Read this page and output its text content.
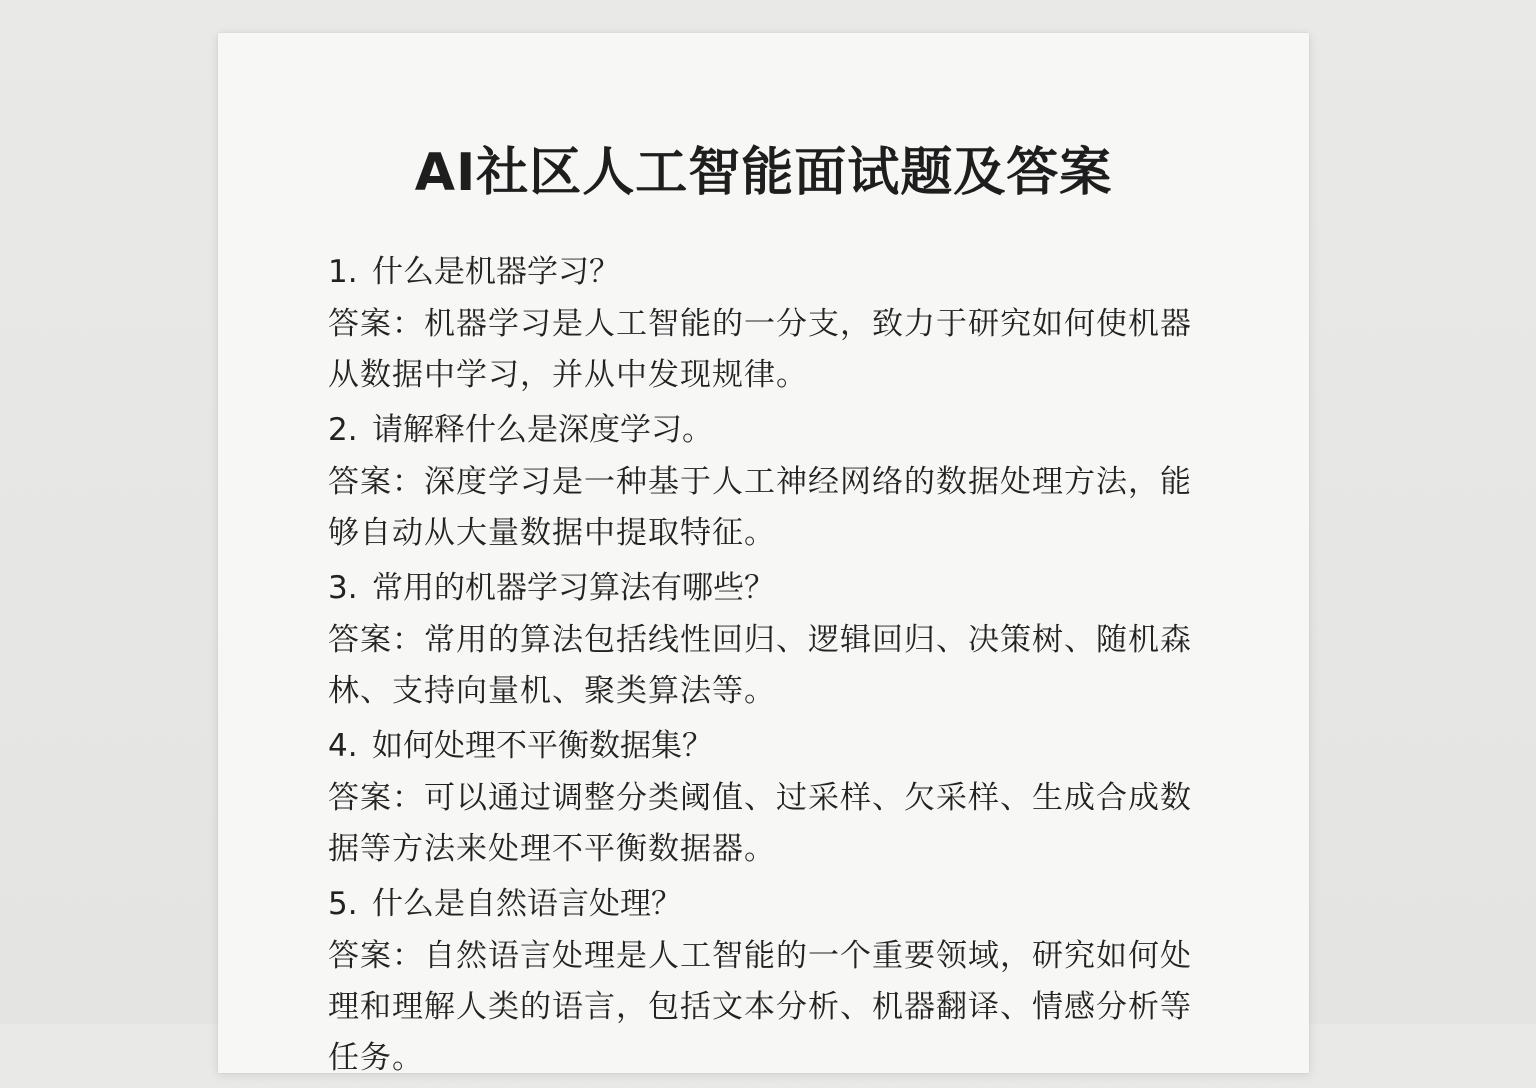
AI社区人工智能面试题及答案

1. 什么是机器学习？

答案：机器学习是人工智能的一分支，致力于研究如何使机器从数据中学习，并从中发现规律。

2. 请解释什么是深度学习。

答案：深度学习是一种基于人工神经网络的数据处理方法，能够自动从大量数据中提取特征。

3. 常用的机器学习算法有哪些？

答案：常用的算法包括线性回归、逻辑回归、决策树、随机森林、支持向量机、聚类算法等。

4. 如何处理不平衡数据集？

答案：可以通过调整分类阈值、过采样、欠采样、生成合成数据等方法来处理不平衡数据器。

5. 什么是自然语言处理？

答案：自然语言处理是人工智能的一个重要领域，研究如何处理和理解人类的语言，包括文本分析、机器翻译、情感分析等任务。
